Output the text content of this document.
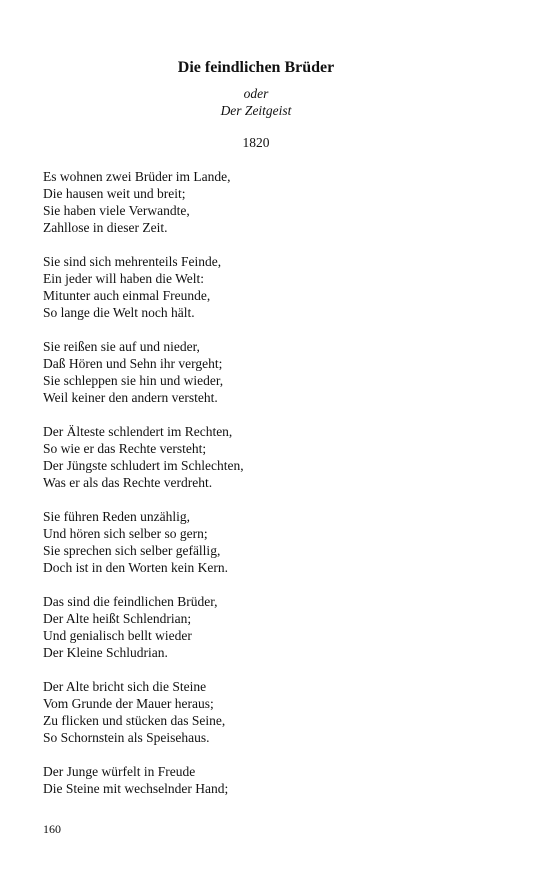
Die feindlichen Brüder
oder
Der Zeitgeist
1820
Es wohnen zwei Brüder im Lande,
Die hausen weit und breit;
Sie haben viele Verwandte,
Zahllose in dieser Zeit.
Sie sind sich mehrenteils Feinde,
Ein jeder will haben die Welt:
Mitunter auch einmal Freunde,
So lange die Welt noch hält.
Sie reißen sie auf und nieder,
Daß Hören und Sehn ihr vergeht;
Sie schleppen sie hin und wieder,
Weil keiner den andern versteht.
Der Älteste schlendert im Rechten,
So wie er das Rechte versteht;
Der Jüngste schludert im Schlechten,
Was er als das Rechte verdreht.
Sie führen Reden unzählig,
Und hören sich selber so gern;
Sie sprechen sich selber gefällig,
Doch ist in den Worten kein Kern.
Das sind die feindlichen Brüder,
Der Alte heißt Schlendrian;
Und genialisch bellt wieder
Der Kleine Schludrian.
Der Alte bricht sich die Steine
Vom Grunde der Mauer heraus;
Zu flicken und stücken das Seine,
So Schornstein als Speisehaus.
Der Junge würfelt in Freude
Die Steine mit wechselnder Hand;
160
